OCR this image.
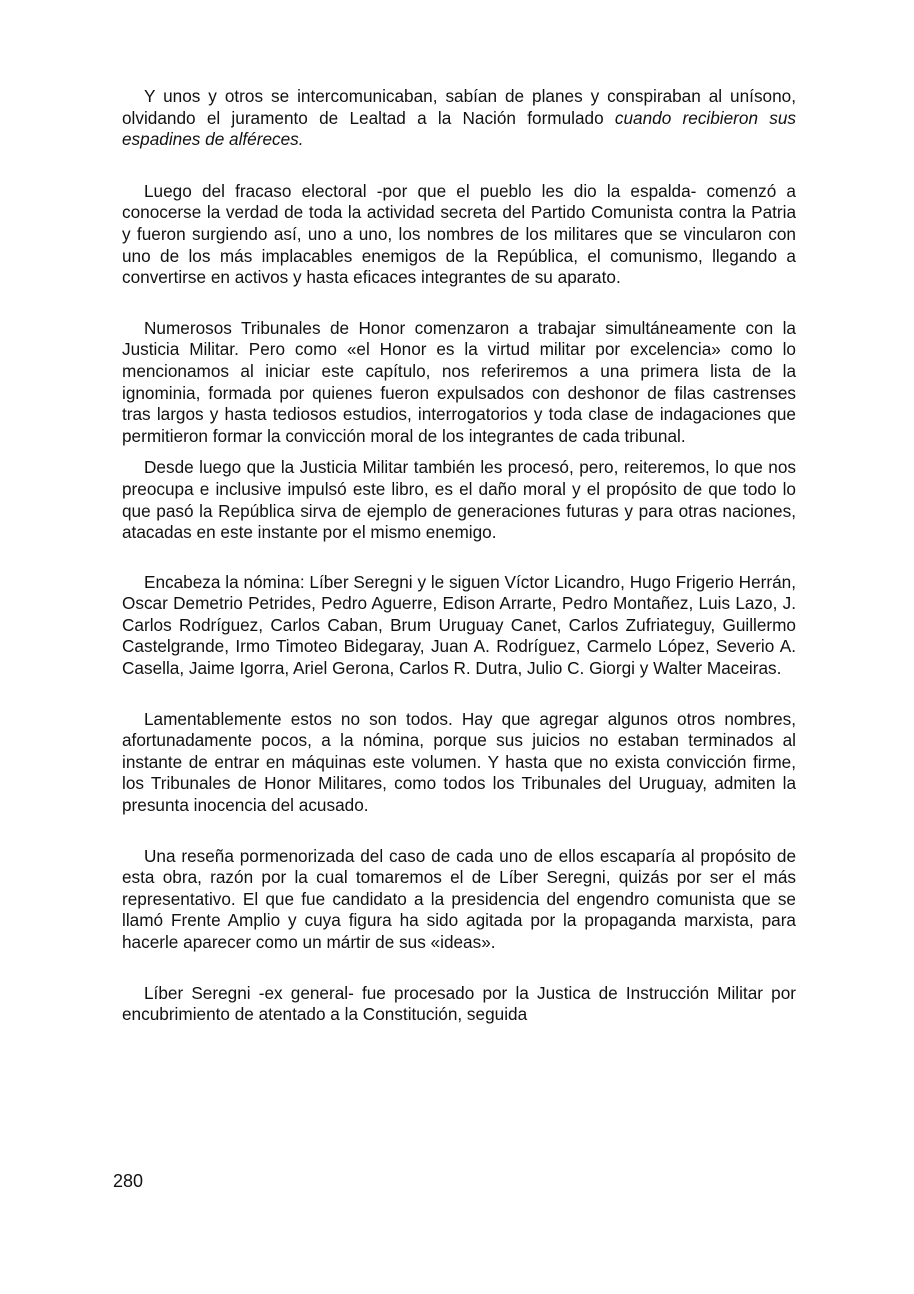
Y unos y otros se intercomunicaban, sabían de planes y conspiraban al unísono, olvidando el juramento de Lealtad a la Nación formulado cuando recibieron sus espadines de alféreces.

Luego del fracaso electoral -por que el pueblo les dio la espalda- comenzó a conocerse la verdad de toda la actividad secreta del Partido Comunista contra la Patria y fueron surgiendo así, uno a uno, los nombres de los militares que se vincularon con uno de los más implacables enemigos de la República, el comunismo, llegando a convertirse en activos y hasta eficaces integrantes de su aparato.

Numerosos Tribunales de Honor comenzaron a trabajar simultáneamente con la Justicia Militar. Pero como «el Honor es la virtud militar por excelencia» como lo mencionamos al iniciar este capítulo, nos referiremos a una primera lista de la ignominia, formada por quienes fueron expulsados con deshonor de filas castrenses tras largos y hasta tediosos estudios, interrogatorios y toda clase de indagaciones que permitieron formar la convicción moral de los integrantes de cada tribunal.

Desde luego que la Justicia Militar también les procesó, pero, reiteremos, lo que nos preocupa e inclusive impulsó este libro, es el daño moral y el propósito de que todo lo que pasó la República sirva de ejemplo de generaciones futuras y para otras naciones, atacadas en este instante por el mismo enemigo.

Encabeza la nómina: Líber Seregni y le siguen Víctor Licandro, Hugo Frigerio Herrán, Oscar Demetrio Petrides, Pedro Aguerre, Edison Arrarte, Pedro Montañez, Luis Lazo, J. Carlos Rodríguez, Carlos Caban, Brum Uruguay Canet, Carlos Zufriateguy, Guillermo Castelgrande, Irmo Timoteo Bidegaray, Juan A. Rodríguez, Carmelo López, Severio A. Casella, Jaime Igorra, Ariel Gerona, Carlos R. Dutra, Julio C. Giorgi y Walter Maceiras.

Lamentablemente estos no son todos. Hay que agregar algunos otros nombres, afortunadamente pocos, a la nómina, porque sus juicios no estaban terminados al instante de entrar en máquinas este volumen. Y hasta que no exista convicción firme, los Tribunales de Honor Militares, como todos los Tribunales del Uruguay, admiten la presunta inocencia del acusado.

Una reseña pormenorizada del caso de cada uno de ellos escaparía al propósito de esta obra, razón por la cual tomaremos el de Líber Seregni, quizás por ser el más representativo. El que fue candidato a la presidencia del engendro comunista que se llamó Frente Amplio y cuya figura ha sido agitada por la propaganda marxista, para hacerle aparecer como un mártir de sus «ideas».

Líber Seregni -ex general- fue procesado por la Justica de Instrucción Militar por encubrimiento de atentado a la Constitución, seguida

280
